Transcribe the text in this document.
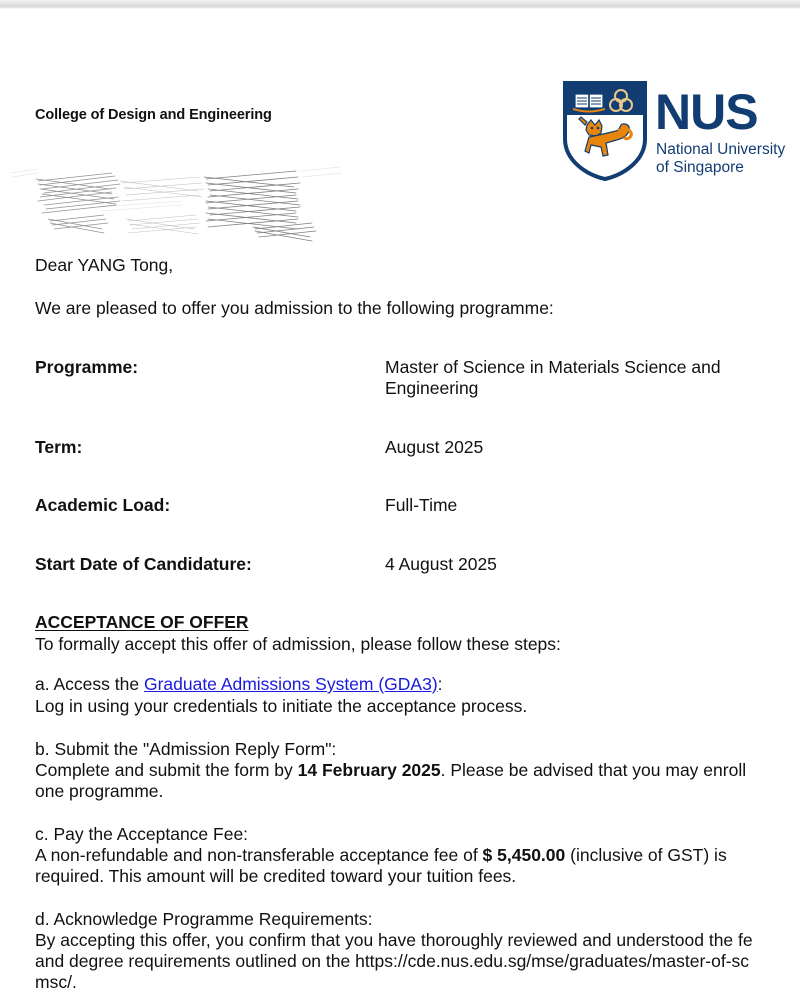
College of Design and Engineering	NUS
National University
of Singapore
Dear YANG Tong,
We are pleased to offer you admission to the following programme:
Programme:	Master of Science in Materials Science and Engineering
Term:	August 2025
Academic Load:	Full-Time
Start Date of Candidature:	4 August 2025
ACCEPTANCE OF OFFER
To formally accept this offer of admission, please follow these steps:
a. Access the Graduate Admissions System (GDA3):
Log in using your credentials to initiate the acceptance process.
b. Submit the "Admission Reply Form":
Complete and submit the form by 14 February 2025. Please be advised that you may enroll
one programme.
c. Pay the Acceptance Fee:
A non-refundable and non-transferable acceptance fee of $ 5,450.00 (inclusive of GST) is
required. This amount will be credited toward your tuition fees.
d. Acknowledge Programme Requirements:
By accepting this offer, you confirm that you have thoroughly reviewed and understood the fe
and degree requirements outlined on the https://cde.nus.edu.sg/mse/graduates/master-of-sc
msc/.
